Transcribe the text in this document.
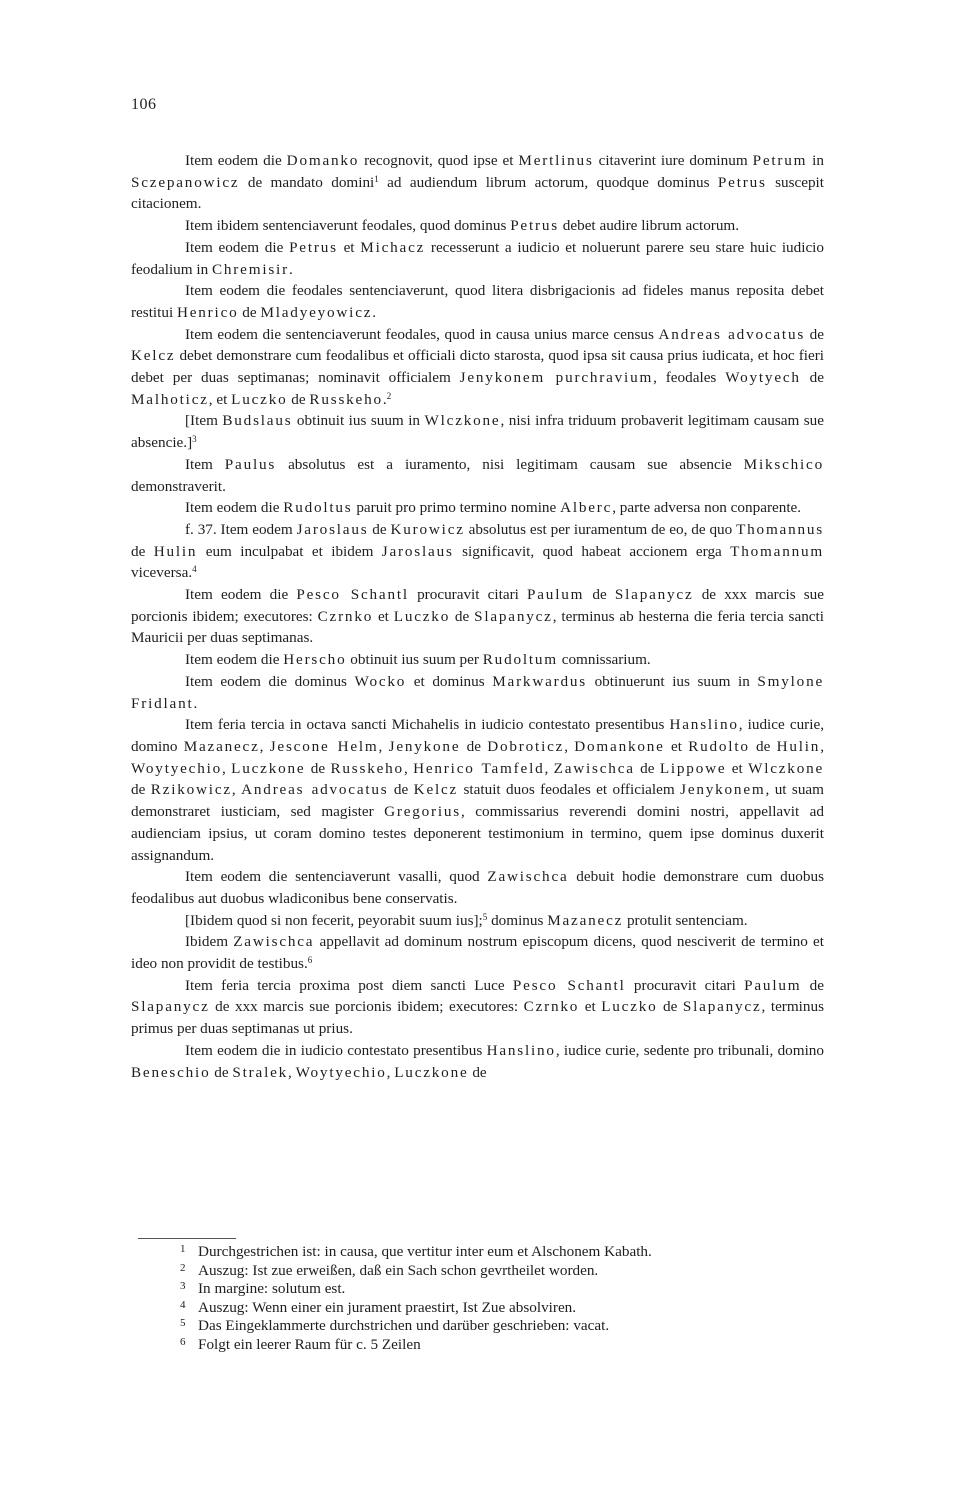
106

Item eodem die Domanko recognovit, quod ipse et Mertlinus citaverint iure dominum Petrum in Sczepanowicz de mandato domini$^1$ ad audiendum librum actorum, quodque dominus Petrus suscepit citacionem.

Item ibidem sentenciaverunt feodales, quod dominus Petrus debet audire librum actorum.

Item eodem die Petrus et Michacz recesserunt a iudicio et noluerunt parere seu stare huic iudicio feodalium in Chremisir.

Item eodem die feodales sentenciaverunt, quod litera disbrigacionis ad fideles manus reposita debet restitui Henrico de Mladyeyowicz.

Item eodem die sentenciaverunt feodales, quod in causa unius marce census Andreas advocatus de Kelcz debet demonstrare cum feodalibus et officiali dicto starosta, quod ipsa sit causa prius iudicata, et hoc fieri debet per duas septimanas; nominavit officialem Jenykonem purchravium, feodales Woytyech de Malhoticz, et Luczko de Russkeho.$^2$

[Item Budslaus obtinuit ius suum in Wlczkone, nisi infra triduum probaverit legitimam causam sue absencie.]$^3$

Item Paulus absolutus est a iuramento, nisi legitimam causam sue absencie Mikschico demonstraverit.

Item eodem die Rudoltus paruit pro primo termino nomine Alberc, parte adversa non conparente.

f. 37. Item eodem Jaroslaus de Kurowicz absolutus est per iuramentum de eo, de quo Thomannus de Hulin eum inculpabat et ibidem Jaroslaus significavit, quod habeat accionem erga Thomannum viceversa.$^4$

Item eodem die Pesco Schantl procuravit citari Paulum de Slapanycz de xxx marcis sue porcionis ibidem; executores: Czrnko et Luczko de Slapanycz, terminus ab hesterna die feria tercia sancti Mauricii per duas septimanas.

Item eodem die Herscho obtinuit ius suum per Rudoltum comnissarium.

Item eodem die dominus Wocko et dominus Markwardus obtinuerunt ius suum in Smylone Fridlant.

Item feria tercia in octava sancti Michahelis in iudicio contestato presentibus Hanslino, iudice curie, domino Mazanecz, Jescone Helm, Jenykone de Dobroticz, Domankone et Rudolto de Hulin, Woytyechio, Luczkone de Russkeho, Henrico Tamfeld, Zawischca de Lippowe et Wlczkone de Rzikowicz, Andreas advocatus de Kelcz statuit duos feodales et officialem Jenykonem, ut suam demonstraret iusticiam, sed magister Gregorius, commissarius reverendi domini nostri, appellavit ad audienciam ipsius, ut coram domino testes deponerent testimonium in termino, quem ipse dominus duxerit assignandum.

Item eodem die sentenciaverunt vasalli, quod Zawischca debuit hodie demonstrare cum duobus feodalibus aut duobus wladiconibus bene conservatis.

[Ibidem quod si non fecerit, peyorabit suum ius];$^5$ dominus Mazanecz protulit sentenciam.

Ibidem Zawischca appellavit ad dominum nostrum episcopum dicens, quod nesciverit de termino et ideo non providit de testibus.$^6$

Item feria tercia proxima post diem sancti Luce Pesco Schantl procuravit citari Paulum de Slapanycz de xxx marcis sue porcionis ibidem; executores: Czrnko et Luczko de Slapanycz, terminus primus per duas septimanas ut prius.

Item eodem die in iudicio contestato presentibus Hanslino, iudice curie, sedente pro tribunali, domino Beneschio de Stralek, Woytyechio, Luczkone de

1 Durchgestrichen ist: in causa, que vertitur inter eum et Alschonem Kabath.

2 Auszug: Ist zue erweißen, daß ein Sach schon gevrtheilet worden.

3 In margine: solutum est.

4 Auszug: Wenn einer ein jurament praestirt, Ist Zue absolviren.

5 Das Eingeklammerte durchstrichen und darüber geschrieben: vacat.

6 Folgt ein leerer Raum für c. 5 Zeilen
